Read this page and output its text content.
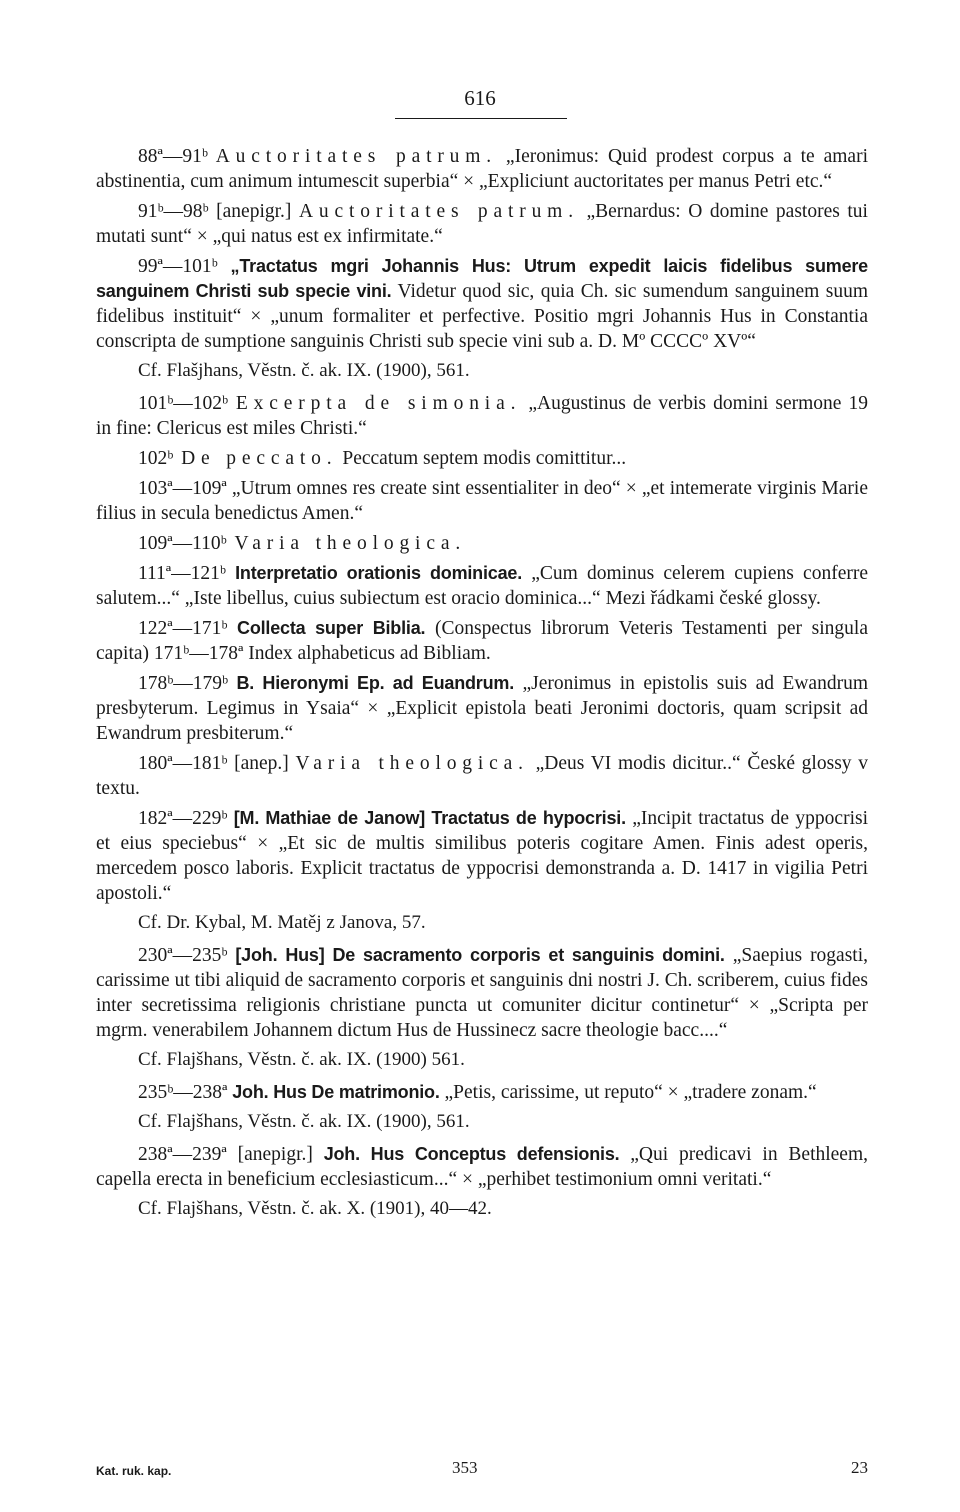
616

88ª—91ᵇ Auctoritates patrum. „Ieronimus: Quid prodest corpus a te amari abstinentia, cum animum intumescit superbia“ × „Expliciunt auctoritates per manus Petri etc.“

91ᵇ—98ᵇ [anepigr.] Auctoritates patrum. „Bernardus: O domine pastores tui mutati sunt“ × „qui natus est ex infirmitate.“

99ª—101ᵇ „Tractatus mgri Johannis Hus: Utrum expedit laicis fidelibus sumere sanguinem Christi sub specie vini. Videtur quod sic, quia Ch. sic sumendum sanguinem suum fidelibus instituit“ × „unum formaliter et perfective. Positio mgri Johannis Hus in Constantia conscripta de sumptione sanguinis Christi sub specie vini sub a. D. Mº CCCCº XVº“

Cf. Flašjhans, Věstn. č. ak. IX. (1900), 561.

101ᵇ—102ᵇ Excerpta de simonia. „Augustinus de verbis domini sermone 19 in fine: Clericus est miles Christi.“

102ᵇ De peccato. Peccatum septem modis comittitur...

103ª—109ª „Utrum omnes res create sint essentialiter in deo“ × „et intemerate virginis Marie filius in secula benedictus Amen.“

109ª—110ᵇ Varia theologica.

111ª—121ᵇ Interpretatio orationis dominicae. „Cum dominus celerem cupiens conferre salutem...“ „Iste libellus, cuius subiectum est oracio dominica...“ Mezi řádkami české glossy.

122ª—171ᵇ Collecta super Biblia. (Conspectus librorum Veteris Testamenti per singula capita) 171ᵇ—178ª Index alphabeticus ad Bibliam.

178ᵇ—179ᵇ B. Hieronymi Ep. ad Euandrum. „Jeronimus in epistolis suis ad Ewandrum presbyterum. Legimus in Ysaia“ × „Explicit epistola beati Jeronimi doctoris, quam scripsit ad Ewandrum presbiterum.“

180ª—181ᵇ [anep.] Varia theologica. „Deus VI modis dicitur..“ České glossy v textu.

182ª—229ᵇ [M. Mathiae de Janow] Tractatus de hypocrisi. „Incipit tractatus de yppocrisi et eius speciebus“ × „Et sic de multis similibus poteris cogitare Amen. Finis adest operis, mercedem posco laboris. Explicit tractatus de yppocrisi demonstranda a. D. 1417 in vigilia Petri apostoli.“

Cf. Dr. Kybal, M. Matěj z Janova, 57.

230ª—235ᵇ [Joh. Hus] De sacramento corporis et sanguinis domini. „Saepius rogasti, carissime ut tibi aliquid de sacramento corporis et sanguinis dni nostri J. Ch. scriberem, cuius fides inter secretissima religionis christiane puncta ut comuniter dicitur continetur“ × „Scripta per mgrm. venerabilem Johannem dictum Hus de Hussinecz sacre theologie bacc....“

Cf. Flajšhans, Věstn. č. ak. IX. (1900) 561.

235ᵇ—238ª Joh. Hus De matrimonio. „Petis, carissime, ut reputo“ × „tradere zonam.“

Cf. Flajšhans, Věstn. č. ak. IX. (1900), 561.

238ª—239ª [anepigr.] Joh. Hus Conceptus defensionis. „Qui predicavi in Bethleem, capella erecta in beneficium ecclesiasticum...“ × „perhibet testimonium omni veritati.“

Cf. Flajšhans, Věstn. č. ak. X. (1901), 40—42.

Kat. ruk. kap.	353	23
